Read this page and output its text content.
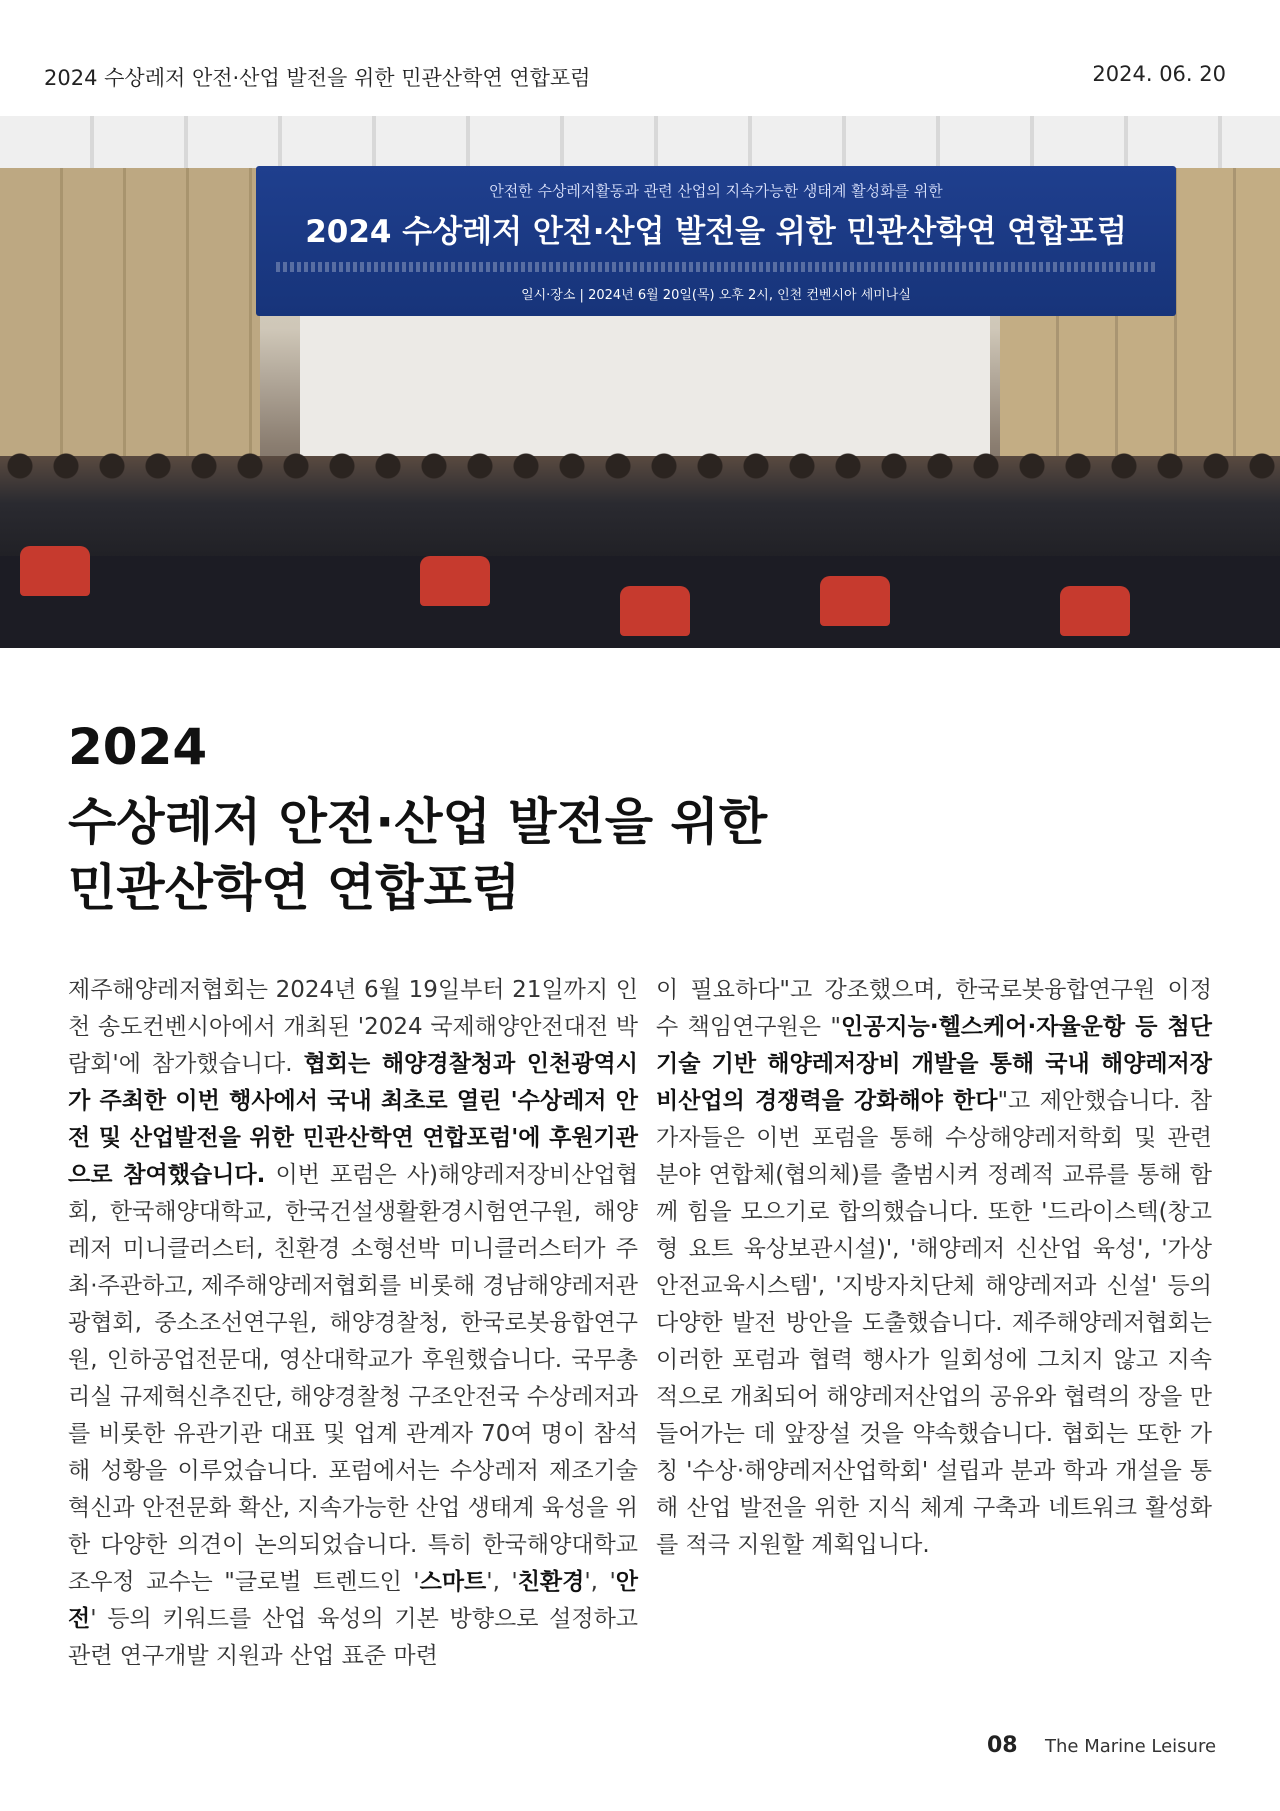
2024 수상레저 안전·산업 발전을 위한 민관산학연 연합포럼	2024. 06. 20
안전한 수상레저활동과 관련 산업의 지속가능한 생태계 활성화를 위한
2024 수상레저 안전·산업 발전을 위한 민관산학연 연합포럼
일시·장소 | 2024년 6월 20일(목) 오후 2시, 인천 컨벤시아 세미나실
2024
수상레저 안전·산업 발전을 위한
민관산학연 연합포럼
제주해양레저협회는 2024년 6월 19일부터 21일까지 인천 송도컨벤시아에서 개최된 '2024 국제해양안전대전 박람회'에 참가했습니다. 협회는 해양경찰청과 인천광역시가 주최한 이번 행사에서 국내 최초로 열린 '수상레저 안전 및 산업발전을 위한 민관산학연 연합포럼'에 후원기관으로 참여했습니다. 이번 포럼은 사)해양레저장비산업협회, 한국해양대학교, 한국건설생활환경시험연구원, 해양레저 미니클러스터, 친환경 소형선박 미니클러스터가 주최·주관하고, 제주해양레저협회를 비롯해 경남해양레저관광협회, 중소조선연구원, 해양경찰청, 한국로봇융합연구원, 인하공업전문대, 영산대학교가 후원했습니다. 국무총리실 규제혁신추진단, 해양경찰청 구조안전국 수상레저과를 비롯한 유관기관 대표 및 업계 관계자 70여 명이 참석해 성황을 이루었습니다. 포럼에서는 수상레저 제조기술 혁신과 안전문화 확산, 지속가능한 산업 생태계 육성을 위한 다양한 의견이 논의되었습니다. 특히 한국해양대학교 조우정 교수는 "글로벌 트렌드인 '스마트', '친환경', '안전' 등의 키워드를 산업 육성의 기본 방향으로 설정하고 관련 연구개발 지원과 산업 표준 마련
이 필요하다"고 강조했으며, 한국로봇융합연구원 이정수 책임연구원은 "인공지능·헬스케어·자율운항 등 첨단기술 기반 해양레저장비 개발을 통해 국내 해양레저장비산업의 경쟁력을 강화해야 한다"고 제안했습니다. 참가자들은 이번 포럼을 통해 수상해양레저학회 및 관련 분야 연합체(협의체)를 출범시켜 정례적 교류를 통해 함께 힘을 모으기로 합의했습니다. 또한 '드라이스텍(창고형 요트 육상보관시설)', '해양레저 신산업 육성', '가상 안전교육시스템', '지방자치단체 해양레저과 신설' 등의 다양한 발전 방안을 도출했습니다. 제주해양레저협회는 이러한 포럼과 협력 행사가 일회성에 그치지 않고 지속적으로 개최되어 해양레저산업의 공유와 협력의 장을 만들어가는 데 앞장설 것을 약속했습니다. 협회는 또한 가칭 '수상·해양레저산업학회' 설립과 분과 학과 개설을 통해 산업 발전을 위한 지식 체계 구축과 네트워크 활성화를 적극 지원할 계획입니다.
08 The Marine Leisure
